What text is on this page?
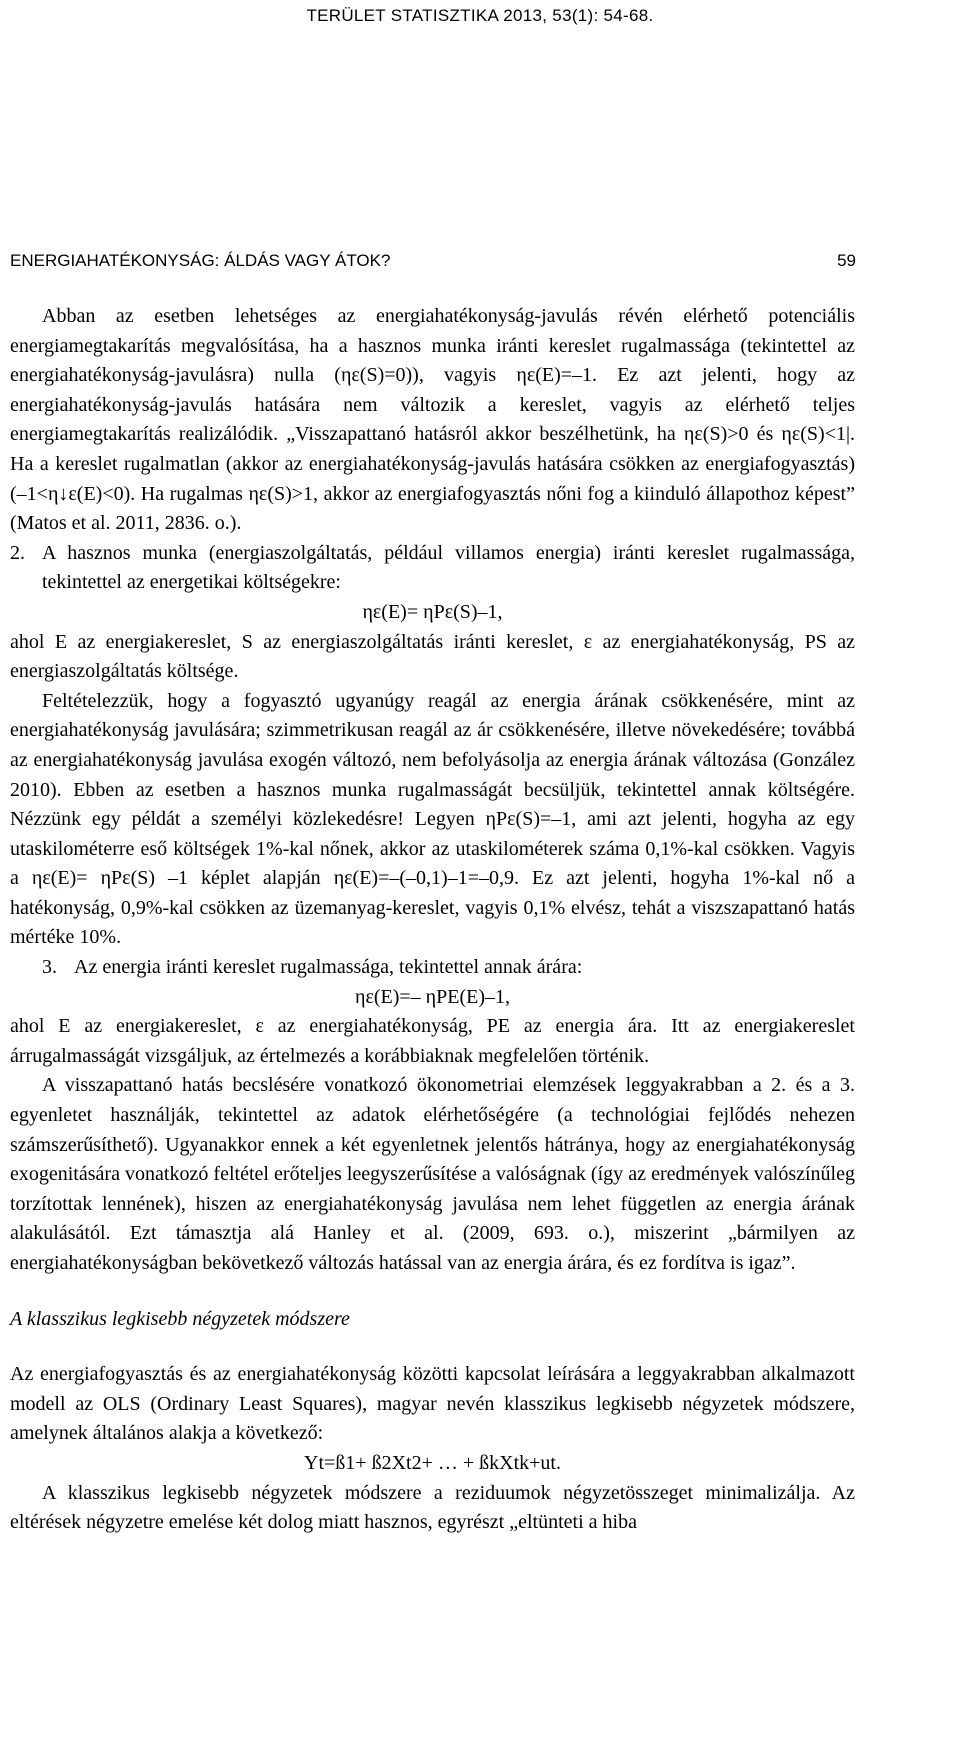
TERÜLET STATISZTIKA 2013, 53(1): 54-68.
ENERGIAHATÉKONYSÁG: ÁLDÁS VAGY ÁTOK?	59

Abban az esetben lehetséges az energiahatékonyság-javulás révén elérhető potenciális energiamegtakarítás megvalósítása, ha a hasznos munka iránti kereslet rugalmassága (tekintettel az energiahatékonyság-javulásra) nulla (ηε(S)=0)), vagyis ηε(E)=–1. Ez azt jelenti, hogy az energiahatékonyság-javulás hatására nem változik a kereslet, vagyis az elérhető teljes energiamegtakarítás realizálódik. „Visszapattanó hatásról akkor beszélhetünk, ha ηε(S)>0 és ηε(S)<1|. Ha a kereslet rugalmatlan (akkor az energiahatékonyság-javulás hatására csökken az energiafogyasztás) (–1<η↓ε(E)<0). Ha rugalmas ηε(S)>1, akkor az energiafogyasztás nőni fog a kiinduló állapothoz képest” (Matos et al. 2011, 2836. o.).

2. A hasznos munka (energiaszolgáltatás, például villamos energia) iránti kereslet rugalmassága, tekintettel az energetikai költségekre:

ηε(E)= ηPε(S)–1,

ahol E az energiakereslet, S az energiaszolgáltatás iránti kereslet, ε az energiahatékonyság, PS az energiaszolgáltatás költsége.

Feltételezzük, hogy a fogyasztó ugyanúgy reagál az energia árának csökkenésére, mint az energiahatékonyság javulására; szimmetrikusan reagál az ár csökkenésére, illetve növekedésére; továbbá az energiahatékonyság javulása exogén változó, nem befolyásolja az energia árának változása (González 2010). Ebben az esetben a hasznos munka rugalmasságát becsüljük, tekintettel annak költségére. Nézzünk egy példát a személyi közlekedésre! Legyen ηPε(S)=–1, ami azt jelenti, hogyha az egy utaskilométerre eső költségek 1%-kal nőnek, akkor az utaskilométerek száma 0,1%-kal csökken. Vagyis a ηε(E)= ηPε(S) –1 képlet alapján ηε(E)=–(–0,1)–1=–0,9. Ez azt jelenti, hogyha 1%-kal nő a hatékonyság, 0,9%-kal csökken az üzemanyag-kereslet, vagyis 0,1% elvész, tehát a viszszapattanó hatás mértéke 10%.

3. Az energia iránti kereslet rugalmassága, tekintettel annak árára:

ηε(E)=– ηPE(E)–1,

ahol E az energiakereslet, ε az energiahatékonyság, PE az energia ára. Itt az energiakereslet árrugalmasságát vizsgáljuk, az értelmezés a korábbiaknak megfelelően történik.

A visszapattanó hatás becslésére vonatkozó ökonometriai elemzések leggyakrabban a 2. és a 3. egyenletet használják, tekintettel az adatok elérhetőségére (a technológiai fejlődés nehezen számszerűsíthető). Ugyanakkor ennek a két egyenletnek jelentős hátránya, hogy az energiahatékonyság exogenitására vonatkozó feltétel erőteljes leegyszerűsítése a valóságnak (így az eredmények valószínűleg torzítottak lennének), hiszen az energiahatékonyság javulása nem lehet független az energia árának alakulásától. Ezt támasztja alá Hanley et al. (2009, 693. o.), miszerint „bármilyen az energiahatékonyságban bekövetkező változás hatással van az energia árára, és ez fordítva is igaz”.

A klasszikus legkisebb négyzetek módszere

Az energiafogyasztás és az energiahatékonyság közötti kapcsolat leírására a leggyakrabban alkalmazott modell az OLS (Ordinary Least Squares), magyar nevén klasszikus legkisebb négyzetek módszere, amelynek általános alakja a következő:

Yt=ß1+ ß2Xt2+ … + ßkXtk+ut.

A klasszikus legkisebb négyzetek módszere a reziduumok négyzetösszeget minimalizálja. Az eltérések négyzetre emelése két dolog miatt hasznos, egyrészt „eltünteti a hiba
